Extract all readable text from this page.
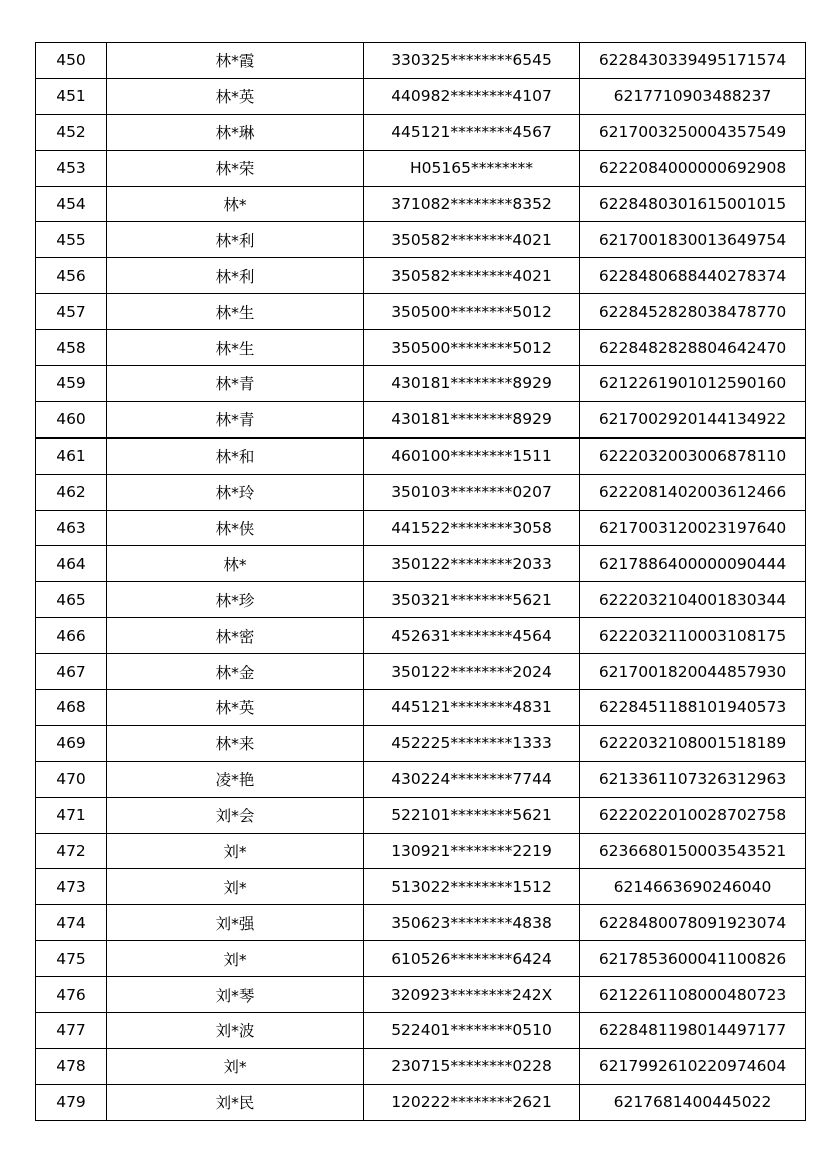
450	林*霞	330325********6545	6228430339495171574
451	林*英	440982********4107	6217710903488237
452	林*琳	445121********4567	6217003250004357549
453	林*荣	H05165********	6222084000000692908
454	林*	371082********8352	6228480301615001015
455	林*利	350582********4021	6217001830013649754
456	林*利	350582********4021	6228480688440278374
457	林*生	350500********5012	6228452828038478770
458	林*生	350500********5012	6228482828804642470
459	林*青	430181********8929	6212261901012590160
460	林*青	430181********8929	6217002920144134922
461	林*和	460100********1511	6222032003006878110
462	林*玲	350103********0207	6222081402003612466
463	林*侠	441522********3058	6217003120023197640
464	林*	350122********2033	6217886400000090444
465	林*珍	350321********5621	6222032104001830344
466	林*密	452631********4564	6222032110003108175
467	林*金	350122********2024	6217001820044857930
468	林*英	445121********4831	6228451188101940573
469	林*来	452225********1333	6222032108001518189
470	凌*艳	430224********7744	6213361107326312963
471	刘*会	522101********5621	6222022010028702758
472	刘*	130921********2219	6236680150003543521
473	刘*	513022********1512	6214663690246040
474	刘*强	350623********4838	6228480078091923074
475	刘*	610526********6424	6217853600041100826
476	刘*琴	320923********242X	6212261108000480723
477	刘*波	522401********0510	6228481198014497177
478	刘*	230715********0228	6217992610220974604
479	刘*民	120222********2621	6217681400445022
